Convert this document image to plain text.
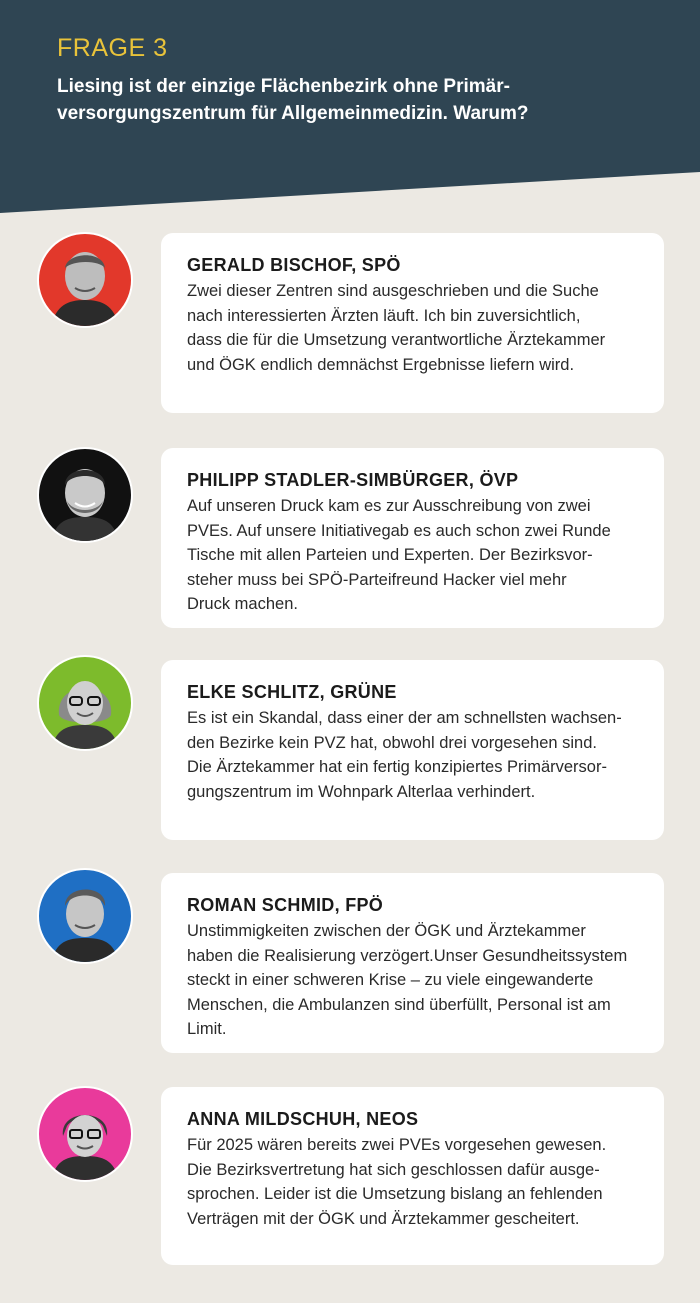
FRAGE 3
Liesing ist der einzige Flächenbezirk ohne Primär-
versorgungszentrum für Allgemeinmedizin. Warum?
GERALD BISCHOF, SPÖ
Zwei dieser Zentren sind ausgeschrieben und die Suche
nach interessierten Ärzten läuft. Ich bin zuversichtlich,
dass die für die Umsetzung verantwortliche Ärztekammer
und ÖGK endlich demnächst Ergebnisse liefern wird.
PHILIPP STADLER-SIMBÜRGER, ÖVP
Auf unseren Druck kam es zur Ausschreibung von zwei
PVEs. Auf unsere Initiativegab es auch schon zwei Runde
Tische mit allen Parteien und Experten. Der Bezirksvor-
steher muss bei SPÖ-Parteifreund Hacker viel mehr
Druck machen.
ELKE SCHLITZ, GRÜNE
Es ist ein Skandal, dass einer der am schnellsten wachsen-
den Bezirke kein PVZ hat, obwohl drei vorgesehen sind.
Die Ärztekammer hat ein fertig konzipiertes Primärversor-
gungszentrum im Wohnpark Alterlaa verhindert.
ROMAN SCHMID, FPÖ
Unstimmigkeiten zwischen der ÖGK und Ärztekammer
haben die Realisierung verzögert.Unser Gesundheitssystem
steckt in einer schweren Krise – zu viele eingewanderte
Menschen, die Ambulanzen sind überfüllt, Personal ist am
Limit.
ANNA MILDSCHUH, NEOS
Für 2025 wären bereits zwei PVEs vorgesehen gewesen.
Die Bezirksvertretung hat sich geschlossen dafür ausge-
sprochen. Leider ist die Umsetzung bislang an fehlenden
Verträgen mit der ÖGK und Ärztekammer gescheitert.
